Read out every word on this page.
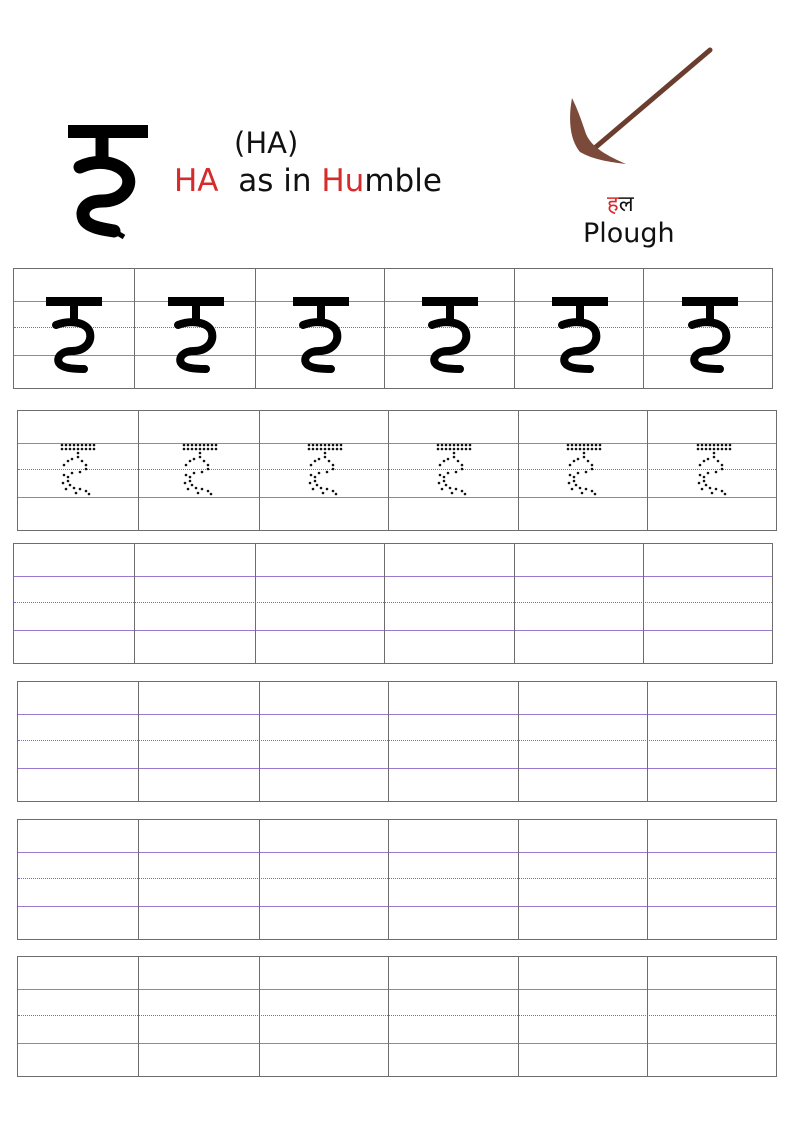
(HA)
HA  as in Humble
हल
Plough
